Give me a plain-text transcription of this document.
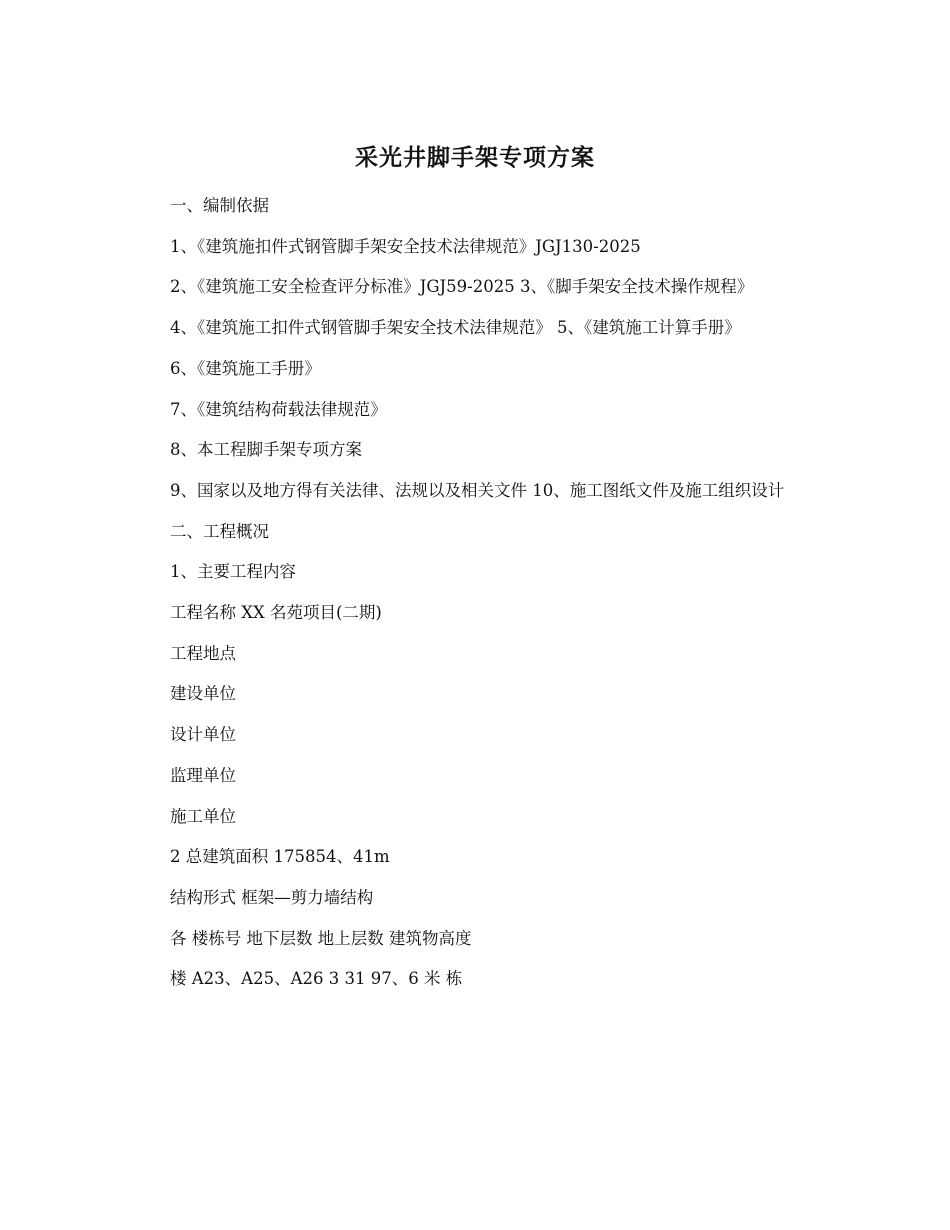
采光井脚手架专项方案

一、编制依据

1、《建筑施扣件式钢管脚手架安全技术法律规范》JGJ130-2025

2、《建筑施工安全检查评分标准》JGJ59-2025 3、《脚手架安全技术操作规程》

4、《建筑施工扣件式钢管脚手架安全技术法律规范》 5、《建筑施工计算手册》

6、《建筑施工手册》

7、《建筑结构荷载法律规范》

8、本工程脚手架专项方案

9、国家以及地方得有关法律、法规以及相关文件 10、施工图纸文件及施工组织设计

二、工程概况

1、主要工程内容

工程名称 XX 名苑项目(二期)

工程地点

建设单位

设计单位

监理单位

施工单位

2 总建筑面积 175854、41m

结构形式 框架—剪力墙结构

各 楼栋号 地下层数 地上层数 建筑物高度

楼 A23、A25、A26 3 31 97、6 米 栋
